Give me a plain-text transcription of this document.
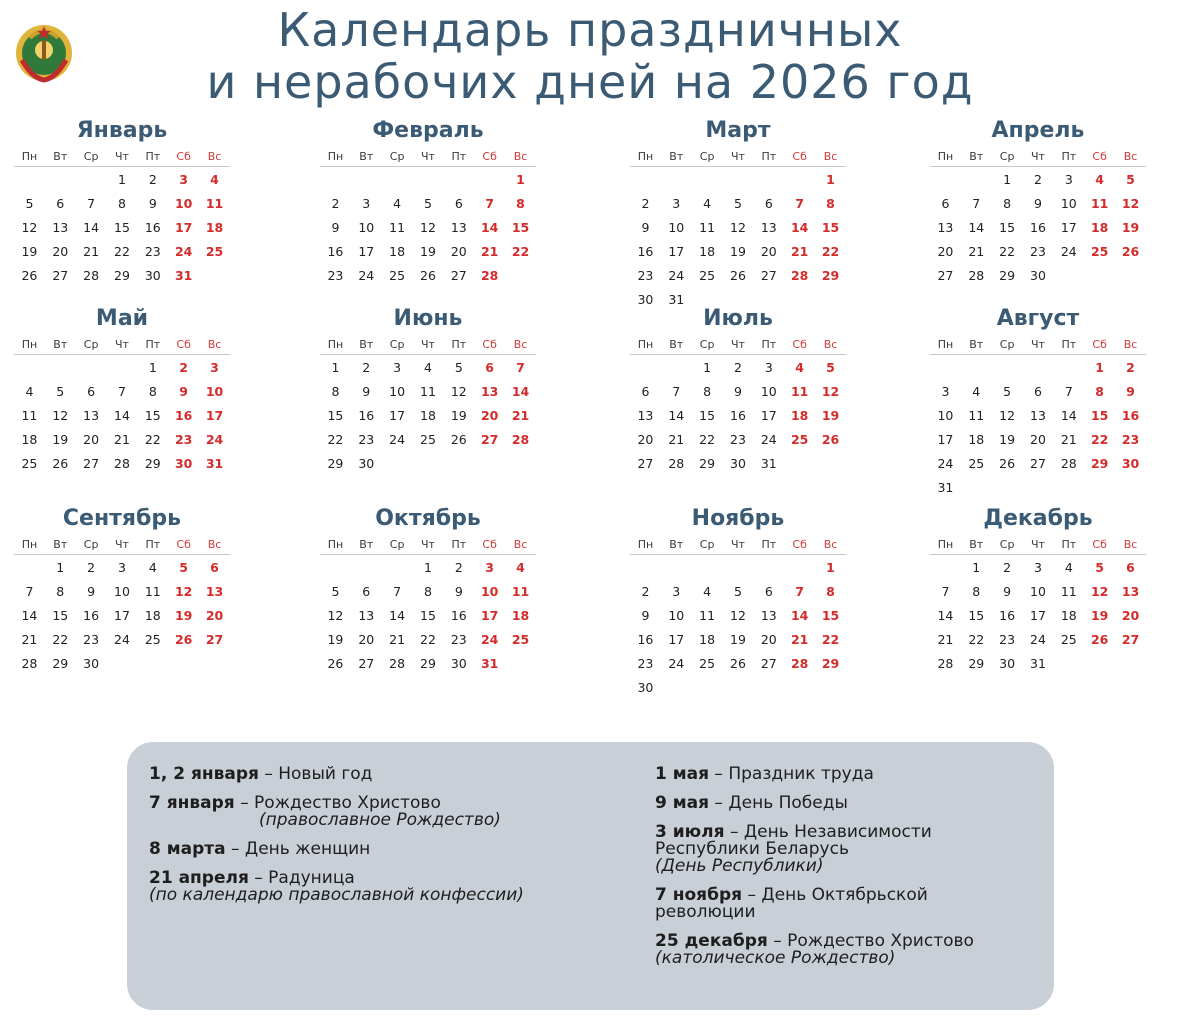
Календарь праздничных
и нерабочих дней на 2026 год
Январь
Пн	Вт	Ср	Чт	Пт	Сб	Вс
			1	2	3	4
5	6	7	8	9	10	11
12	13	14	15	16	17	18
19	20	21	22	23	24	25
26	27	28	29	30	31	
Февраль
Пн	Вт	Ср	Чт	Пт	Сб	Вс
						1
2	3	4	5	6	7	8
9	10	11	12	13	14	15
16	17	18	19	20	21	22
23	24	25	26	27	28	
Март
Пн	Вт	Ср	Чт	Пт	Сб	Вс
						1
2	3	4	5	6	7	8
9	10	11	12	13	14	15
16	17	18	19	20	21	22
23	24	25	26	27	28	29
30	31					
Апрель
Пн	Вт	Ср	Чт	Пт	Сб	Вс
		1	2	3	4	5
6	7	8	9	10	11	12
13	14	15	16	17	18	19
20	21	22	23	24	25	26
27	28	29	30			
Май
Пн	Вт	Ср	Чт	Пт	Сб	Вс
				1	2	3
4	5	6	7	8	9	10
11	12	13	14	15	16	17
18	19	20	21	22	23	24
25	26	27	28	29	30	31
Июнь
Пн	Вт	Ср	Чт	Пт	Сб	Вс
1	2	3	4	5	6	7
8	9	10	11	12	13	14
15	16	17	18	19	20	21
22	23	24	25	26	27	28
29	30					
Июль
Пн	Вт	Ср	Чт	Пт	Сб	Вс
		1	2	3	4	5
6	7	8	9	10	11	12
13	14	15	16	17	18	19
20	21	22	23	24	25	26
27	28	29	30	31		
Август
Пн	Вт	Ср	Чт	Пт	Сб	Вс
					1	2
3	4	5	6	7	8	9
10	11	12	13	14	15	16
17	18	19	20	21	22	23
24	25	26	27	28	29	30
31						
Сентябрь
Пн	Вт	Ср	Чт	Пт	Сб	Вс
	1	2	3	4	5	6
7	8	9	10	11	12	13
14	15	16	17	18	19	20
21	22	23	24	25	26	27
28	29	30				
Октябрь
Пн	Вт	Ср	Чт	Пт	Сб	Вс
			1	2	3	4
5	6	7	8	9	10	11
12	13	14	15	16	17	18
19	20	21	22	23	24	25
26	27	28	29	30	31	
Ноябрь
Пн	Вт	Ср	Чт	Пт	Сб	Вс
						1
2	3	4	5	6	7	8
9	10	11	12	13	14	15
16	17	18	19	20	21	22
23	24	25	26	27	28	29
30						
Декабрь
Пн	Вт	Ср	Чт	Пт	Сб	Вс
	1	2	3	4	5	6
7	8	9	10	11	12	13
14	15	16	17	18	19	20
21	22	23	24	25	26	27
28	29	30	31			
1, 2 января – Новый год
7 января – Рождество Христово
(православное Рождество)
8 марта – День женщин
21 апреля – Радуница
(по календарю православной конфессии)
1 мая – Праздник труда
9 мая – День Победы
3 июля – День Независимости Республики Беларусь
(День Республики)
7 ноября – День Октябрьской революции
25 декабря – Рождество Христово
(католическое Рождество)
